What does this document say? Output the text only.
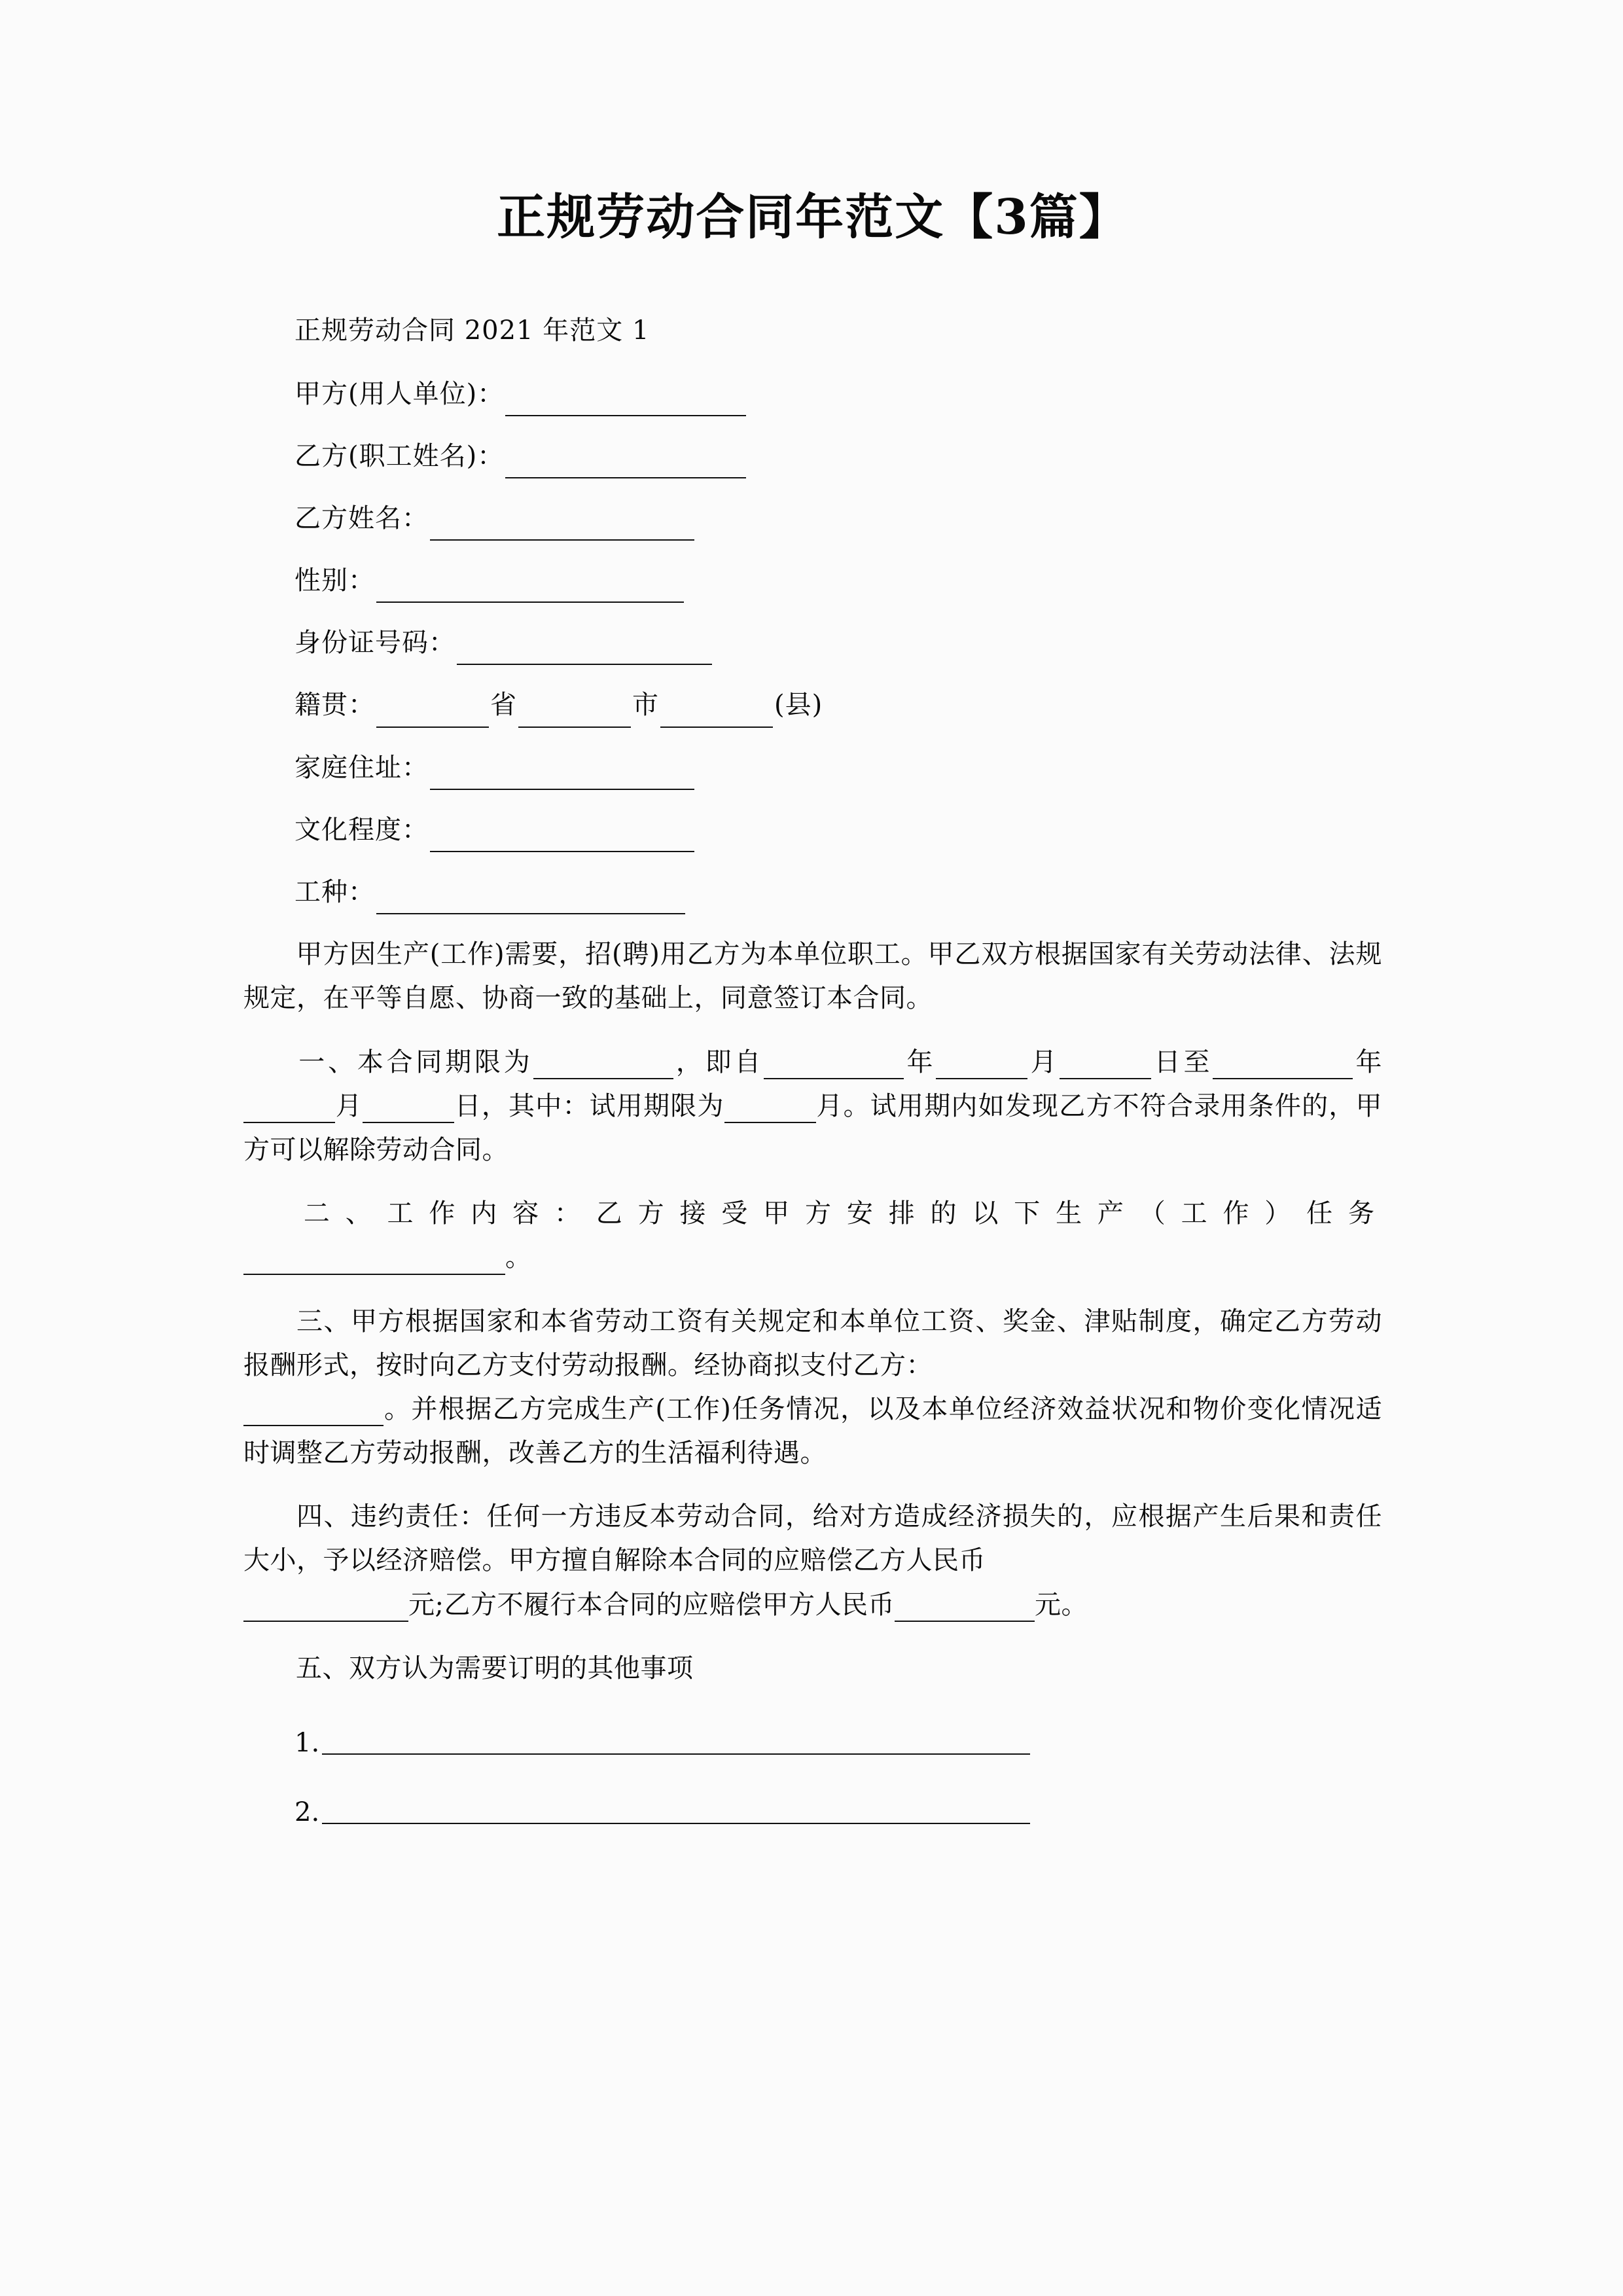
正规劳动合同年范文【3篇】

正规劳动合同 2021 年范文 1

甲方(用人单位)：
乙方(职工姓名)：
乙方姓名：
性别：
身份证号码：
籍贯：	省	市	(县)
家庭住址：
文化程度：
工种：

甲方因生产(工作)需要，招(聘)用乙方为本单位职工。甲乙双方根据国家有关劳动法律、法规规定，在平等自愿、协商一致的基础上，同意签订本合同。

一、本合同期限为	，即自	年	月	日至	年月	日，其中：试用期限为	月。试用期内如发现乙方不符合录用条件的，甲方可以解除劳动合同。

二、工作内容：乙方接受甲方安排的以下生产（工作）任务。

三、甲方根据国家和本省劳动工资有关规定和本单位工资、奖金、津贴制度，确定乙方劳动报酬形式，按时向乙方支付劳动报酬。经协商拟支付乙方：
。并根据乙方完成生产(工作)任务情况，以及本单位经济效益状况和物价变化情况适时调整乙方劳动报酬，改善乙方的生活福利待遇。

四、违约责任：任何一方违反本劳动合同，给对方造成经济损失的，应根据产生后果和责任大小，予以经济赔偿。甲方擅自解除本合同的应赔偿乙方人民币
元;乙方不履行本合同的应赔偿甲方人民币	元。

五、双方认为需要订明的其他事项

1.
2.
